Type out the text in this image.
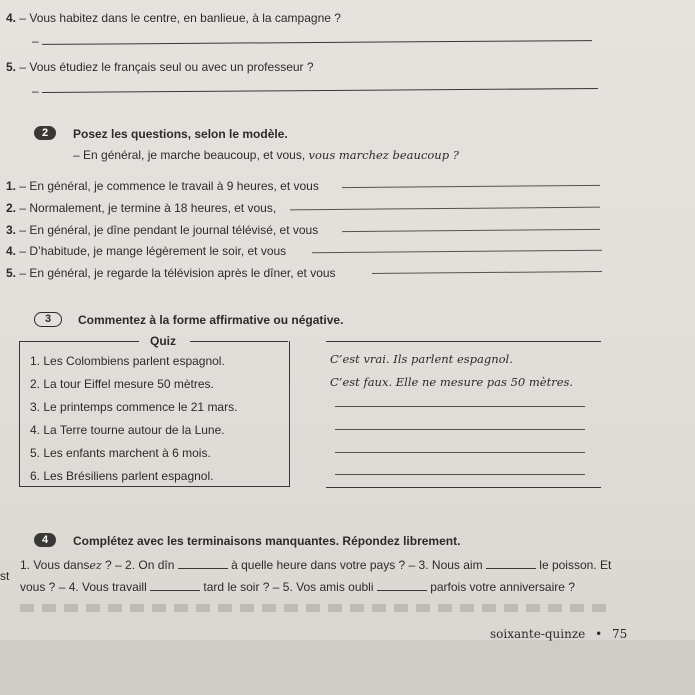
4. – Vous habitez dans le centre, en banlieue, à la campagne ?
–
5. – Vous étudiez le français seul ou avec un professeur ?
–
2	Posez les questions, selon le modèle.
– En général, je marche beaucoup, et vous, vous marchez beaucoup ?
1. – En général, je commence le travail à 9 heures, et vous
2. – Normalement, je termine à 18 heures, et vous,
3. – En général, je dîne pendant le journal télévisé, et vous
4. – D’habitude, je mange légèrement le soir, et vous
5. – En général, je regarde la télévision après le dîner, et vous
3	Commentez à la forme affirmative ou négative.
Quiz
1. Les Colombiens parlent espagnol.	C’est vrai. Ils parlent espagnol.
2. La tour Eiffel mesure 50 mètres.	C’est faux. Elle ne mesure pas 50 mètres.
3. Le printemps commence le 21 mars.
4. La Terre tourne autour de la Lune.
5. Les enfants marchent à 6 mois.
6. Les Brésiliens parlent espagnol.
4	Complétez avec les terminaisons manquantes. Répondez librement.
st
1. Vous dansez ? – 2. On dîn	à quelle heure dans votre pays ? – 3. Nous aim	le poisson. Et
vous ? – 4. Vous travaill	tard le soir ? – 5. Vos amis oubli	parfois votre anniversaire ?
soixante-quinze • 75
